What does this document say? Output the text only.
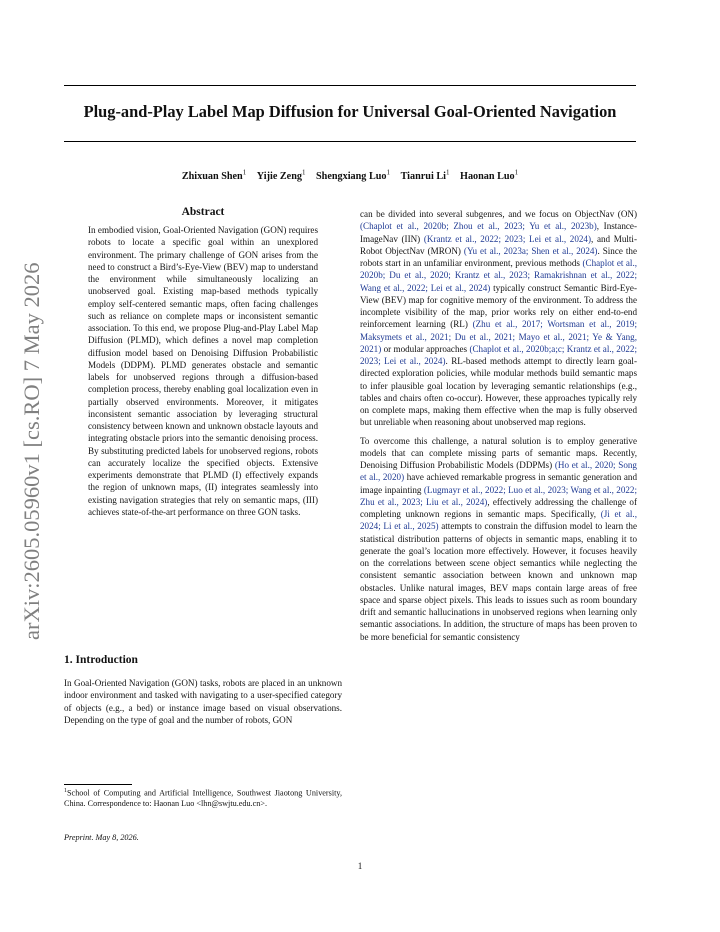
arXiv:2605.05960v1 [cs.RO] 7 May 2026
Plug-and-Play Label Map Diffusion for Universal Goal-Oriented Navigation
Zhixuan Shen$^1$ Yijie Zeng$^1$ Shengxiang Luo$^1$ Tianrui Li$^1$ Haonan Luo$^1$
Abstract
In embodied vision, Goal-Oriented Navigation (GON) requires robots to locate a specific goal within an unexplored environment. The primary challenge of GON arises from the need to construct a Bird’s-Eye-View (BEV) map to understand the environment while simultaneously localizing an unobserved goal. Existing map-based methods typically employ self-centered semantic maps, often facing challenges such as reliance on complete maps or inconsistent semantic association. To this end, we propose Plug-and-Play Label Map Diffusion (PLMD), which defines a novel map completion diffusion model based on Denoising Diffusion Probabilistic Models (DDPM). PLMD generates obstacle and semantic labels for unobserved regions through a diffusion-based completion process, thereby enabling goal localization even in partially observed environments. Moreover, it mitigates inconsistent semantic association by leveraging structural consistency between known and unknown obstacle layouts and integrating obstacle priors into the semantic denoising process. By substituting predicted labels for unobserved regions, robots can accurately localize the specified objects. Extensive experiments demonstrate that PLMD (I) effectively expands the region of unknown maps, (II) integrates seamlessly into existing navigation strategies that rely on semantic maps, (III) achieves state-of-the-art performance on three GON tasks.
1. Introduction
In Goal-Oriented Navigation (GON) tasks, robots are placed in an unknown indoor environment and tasked with navigating to a user-specified category of objects (e.g., a bed) or instance image based on visual observations. Depending on the type of goal and the number of robots, GON

can be divided into several subgenres, and we focus on ObjectNav (ON) (Chaplot et al., 2020b; Zhou et al., 2023; Yu et al., 2023b), Instance-ImageNav (IIN) (Krantz et al., 2022; 2023; Lei et al., 2024), and Multi-Robot ObjectNav (MRON) (Yu et al., 2023a; Shen et al., 2024). Since the robots start in an unfamiliar environment, previous methods (Chaplot et al., 2020b; Du et al., 2020; Krantz et al., 2023; Ramakrishnan et al., 2022; Wang et al., 2022; Lei et al., 2024) typically construct Semantic Bird-Eye-View (BEV) map for cognitive memory of the environment. To address the incomplete visibility of the map, prior works rely on either end-to-end reinforcement learning (RL) (Zhu et al., 2017; Wortsman et al., 2019; Maksymets et al., 2021; Du et al., 2021; Mayo et al., 2021; Ye & Yang, 2021) or modular approaches (Chaplot et al., 2020b;a;c; Krantz et al., 2022; 2023; Lei et al., 2024). RL-based methods attempt to directly learn goal-directed exploration policies, while modular methods build semantic maps to infer plausible goal location by leveraging semantic relationships (e.g., tables and chairs often co-occur). However, these approaches typically rely on complete maps, making them effective when the map is fully observed but unreliable when reasoning about unobserved map regions.

To overcome this challenge, a natural solution is to employ generative models that can complete missing parts of semantic maps. Recently, Denoising Diffusion Probabilistic Models (DDPMs) (Ho et al., 2020; Song et al., 2020) have achieved remarkable progress in semantic generation and image inpainting (Lugmayr et al., 2022; Luo et al., 2023; Wang et al., 2022; Zhu et al., 2023; Liu et al., 2024), effectively addressing the challenge of completing unknown regions in semantic maps. Specifically, (Ji et al., 2024; Li et al., 2025) attempts to constrain the diffusion model to learn the statistical distribution patterns of objects in semantic maps, enabling it to generate the goal’s location more effectively. However, it focuses heavily on the correlations between scene object semantics while neglecting the consistent semantic association between known and unknown map obstacles. Unlike natural images, BEV maps contain large areas of free space and sparse object pixels. This leads to issues such as room boundary drift and semantic hallucinations in unobserved regions when learning only semantic associations. In addition, the structure of maps has been proven to be more beneficial for semantic consistency

$^1$School of Computing and Artificial Intelligence, Southwest Jiaotong University, China. Correspondence to: Haonan Luo <lhn@swjtu.edu.cn>.
Preprint. May 8, 2026.
1
